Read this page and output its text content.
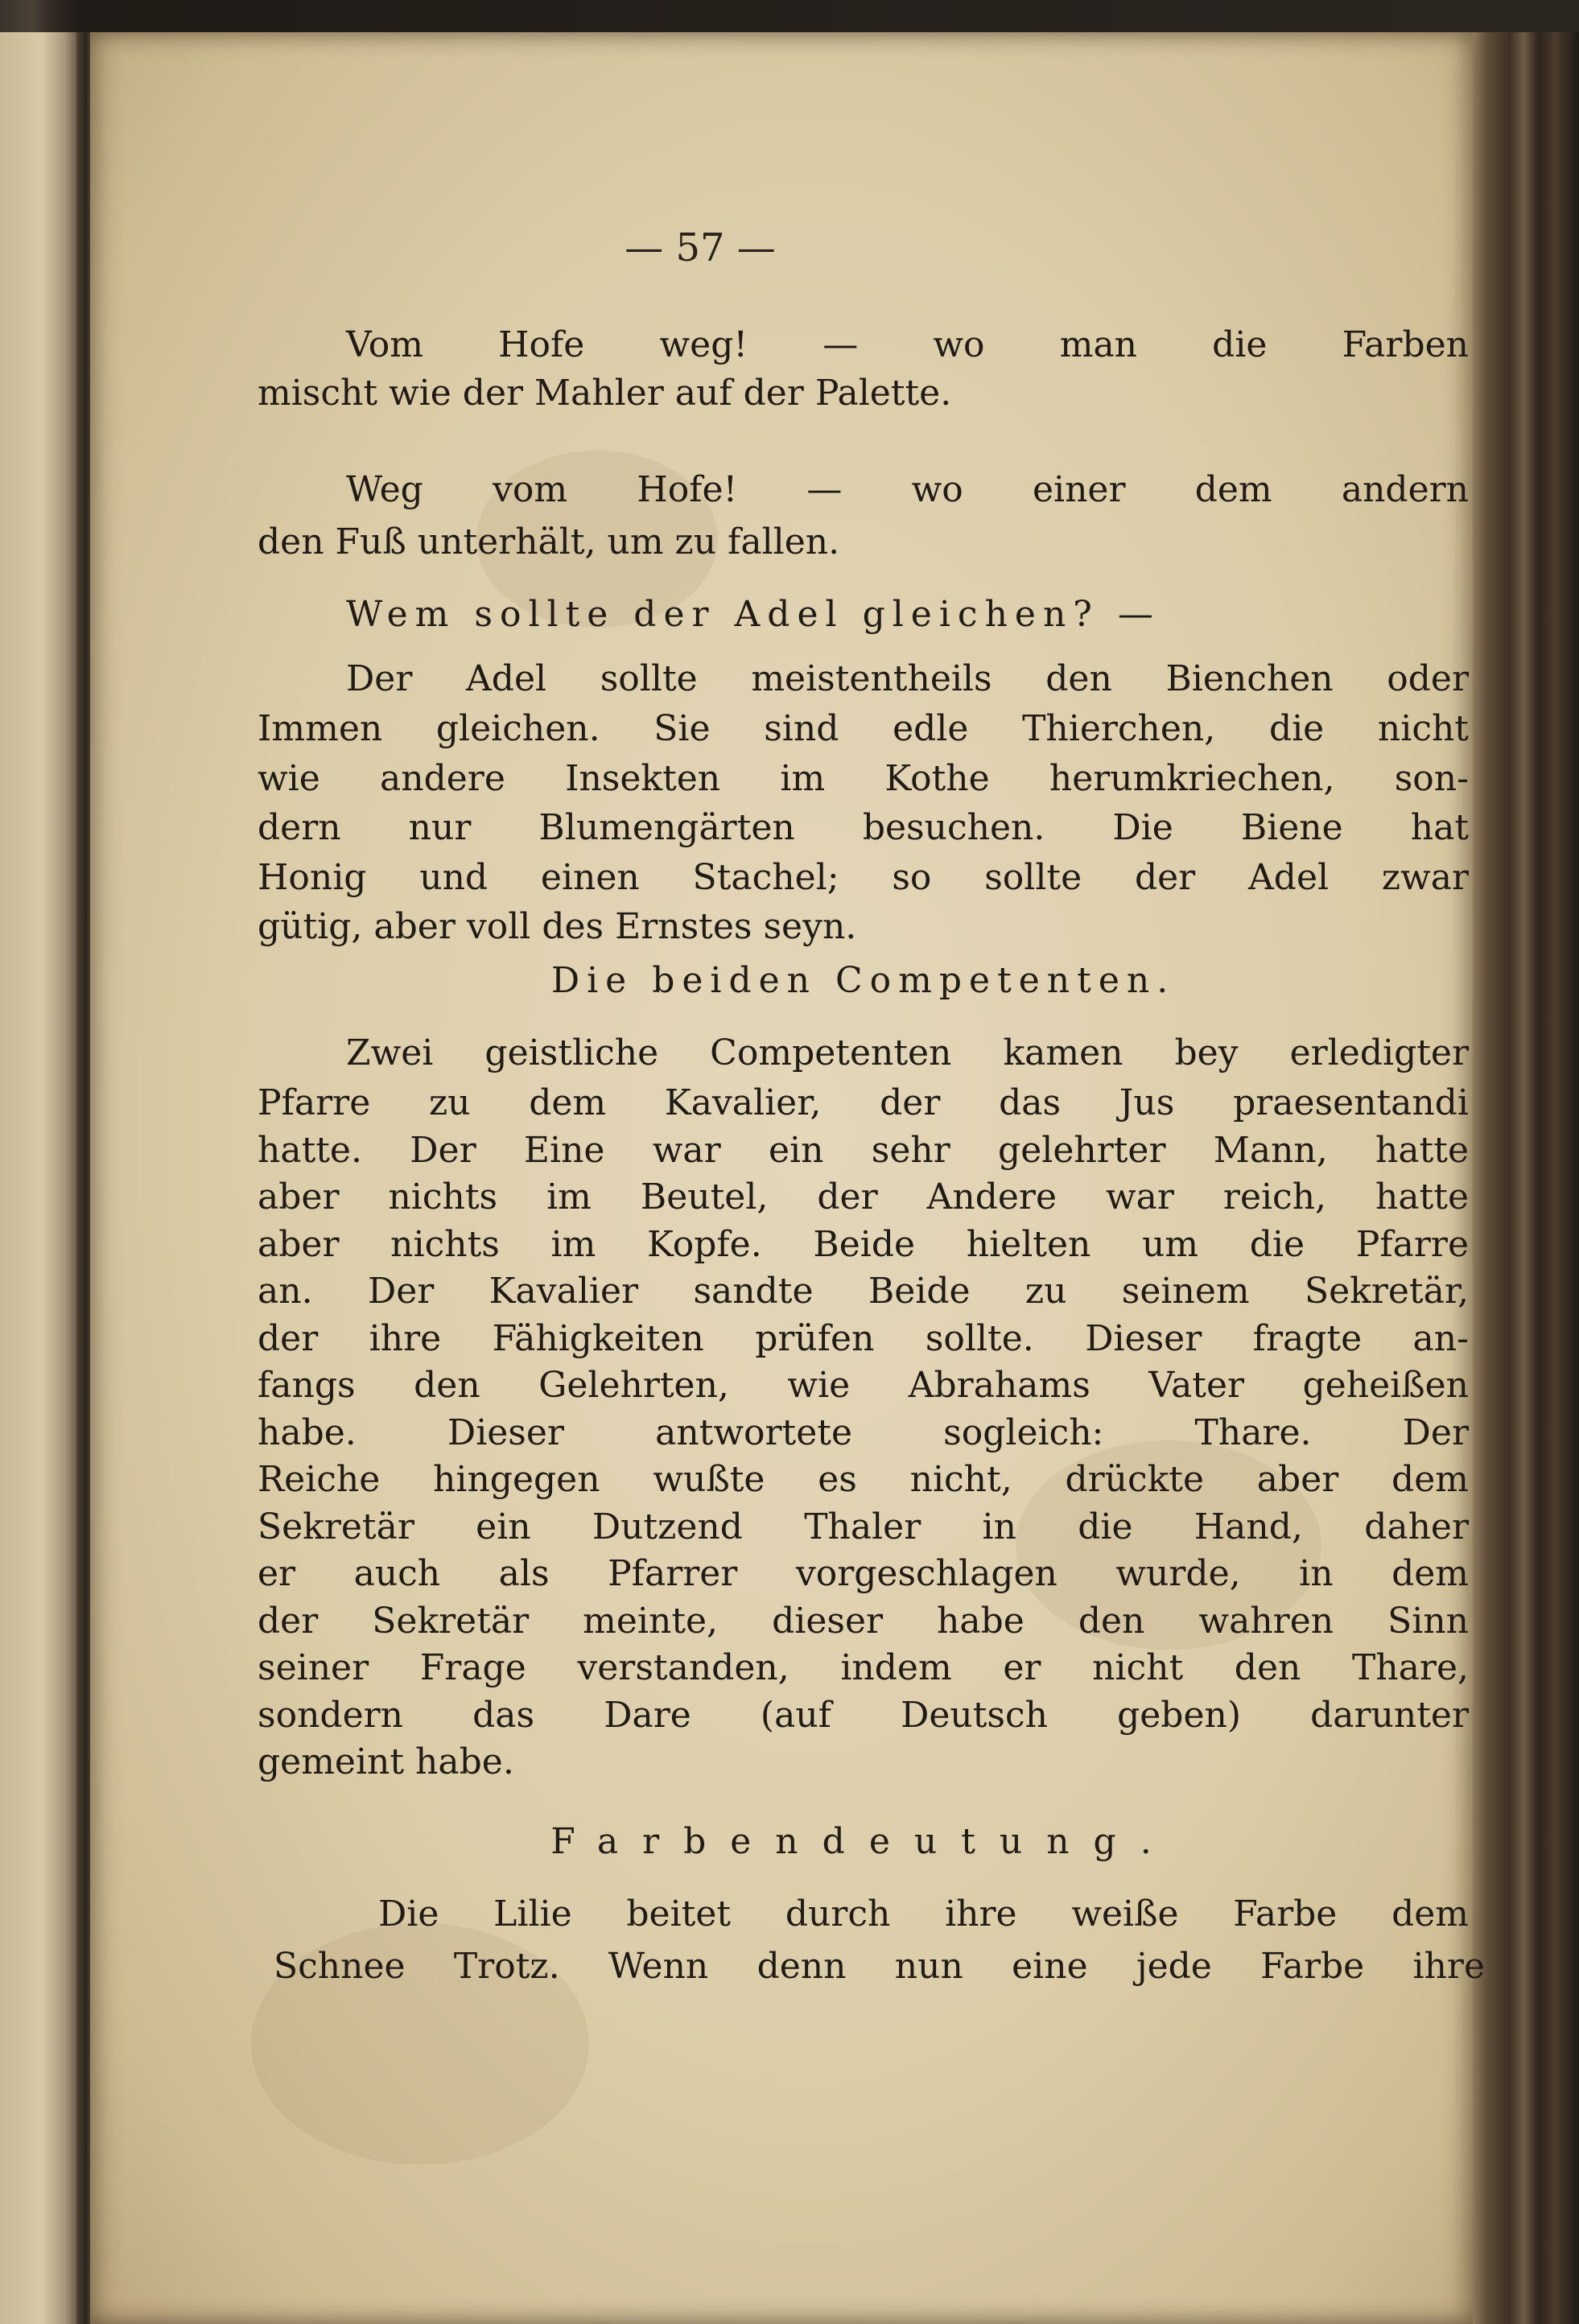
— 57 —
Vom Hofe weg! — wo man die Farben
mischt wie der Mahler auf der Palette.
Weg vom Hofe! — wo einer dem andern
den Fuß unterhält, um zu fallen.
Wem sollte der Adel gleichen? —
Der Adel sollte meistentheils den Bienchen oder
Immen gleichen. Sie sind edle Thierchen, die nicht
wie andere Insekten im Kothe herumkriechen, son-
dern nur Blumengärten besuchen. Die Biene hat
Honig und einen Stachel; so sollte der Adel zwar
gütig, aber voll des Ernstes seyn.
Die beiden Competenten.
Zwei geistliche Competenten kamen bey erledigter
Pfarre zu dem Kavalier, der das Jus praesentandi
hatte. Der Eine war ein sehr gelehrter Mann, hatte
aber nichts im Beutel, der Andere war reich, hatte
aber nichts im Kopfe. Beide hielten um die Pfarre
an. Der Kavalier sandte Beide zu seinem Sekretär,
der ihre Fähigkeiten prüfen sollte. Dieser fragte an-
fangs den Gelehrten, wie Abrahams Vater geheißen
habe. Dieser antwortete sogleich: Thare. Der
Reiche hingegen wußte es nicht, drückte aber dem
Sekretär ein Dutzend Thaler in die Hand, daher
er auch als Pfarrer vorgeschlagen wurde, in dem
der Sekretär meinte, dieser habe den wahren Sinn
seiner Frage verstanden, indem er nicht den Thare,
sondern das Dare (auf Deutsch geben) darunter
gemeint habe.
Farbendeutung.
Die Lilie beitet durch ihre weiße Farbe dem
Schnee Trotz. Wenn denn nun eine jede Farbe ihre
